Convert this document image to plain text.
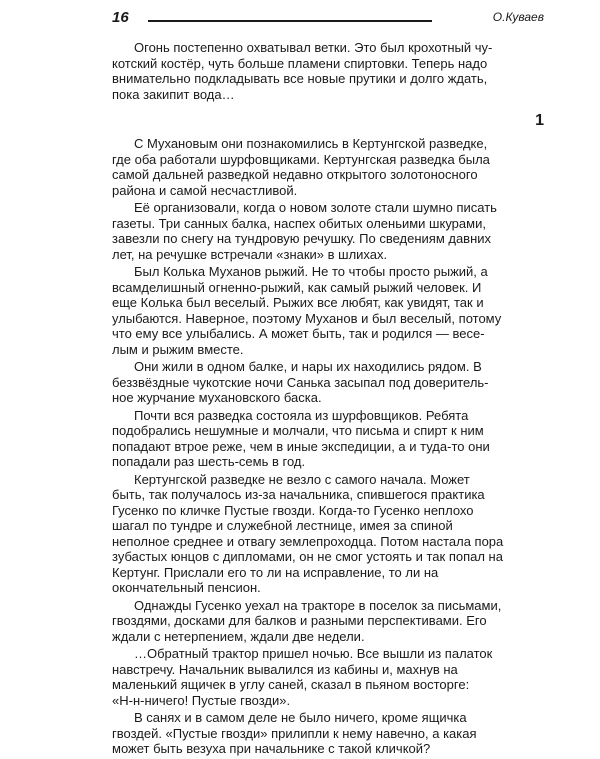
16	О.Куваев

Огонь постепенно охватывал ветки. Это был крохотный чу-
котский костёр, чуть больше пламени спиртовки. Теперь надо
внимательно подкладывать все новые прутики и долго ждать,
пока закипит вода…

1

С Мухановым они познакомились в Кертунгской разведке,
где оба работали шурфовщиками. Кертунгская разведка была
самой дальней разведкой недавно открытого золотоносного
района и самой несчастливой.

Её организовали, когда о новом золоте стали шумно писать
газеты. Три санных балка, наспех обитых оленьими шкурами,
завезли по снегу на тундровую речушку. По сведениям давних
лет, на речушке встречали «знаки» в шлихах.

Был Колька Муханов рыжий. Не то чтобы просто рыжий, а
всамделишный огненно-рыжий, как самый рыжий человек. И
еще Колька был веселый. Рыжих все любят, как увидят, так и
улыбаются. Наверное, поэтому Муханов и был веселый, потому
что ему все улыбались. А может быть, так и родился — весе-
лым и рыжим вместе.

Они жили в одном балке, и нары их находились рядом. В
беззвёздные чукотские ночи Санька засыпал под доверитель-
ное журчание мухановского баска.

Почти вся разведка состояла из шурфовщиков. Ребята
подобрались нешумные и молчали, что письма и спирт к ним
попадают втрое реже, чем в иные экспедиции, а и туда-то они
попадали раз шесть-семь в год.

Кертунгской разведке не везло с самого начала. Может
быть, так получалось из-за начальника, спившегося практика
Гусенко по кличке Пустые гвозди. Когда-то Гусенко неплохо
шагал по тундре и служебной лестнице, имея за спиной
неполное среднее и отвагу землепроходца. Потом настала пора
зубастых юнцов с дипломами, он не смог устоять и так попал на
Кертунг. Прислали его то ли на исправление, то ли на
окончательный пенсион.

Однажды Гусенко уехал на тракторе в поселок за письмами,
гвоздями, досками для балков и разными перспективами. Его
ждали с нетерпением, ждали две недели.

…Обратный трактор пришел ночью. Все вышли из палаток
навстречу. Начальник вывалился из кабины и, махнув на
маленький ящичек в углу саней, сказал в пьяном восторге:
«Н-н-ничего! Пустые гвозди».

В санях и в самом деле не было ничего, кроме ящичка
гвоздей. «Пустые гвозди» прилипли к нему навечно, а какая
может быть везуха при начальнике с такой кличкой?
